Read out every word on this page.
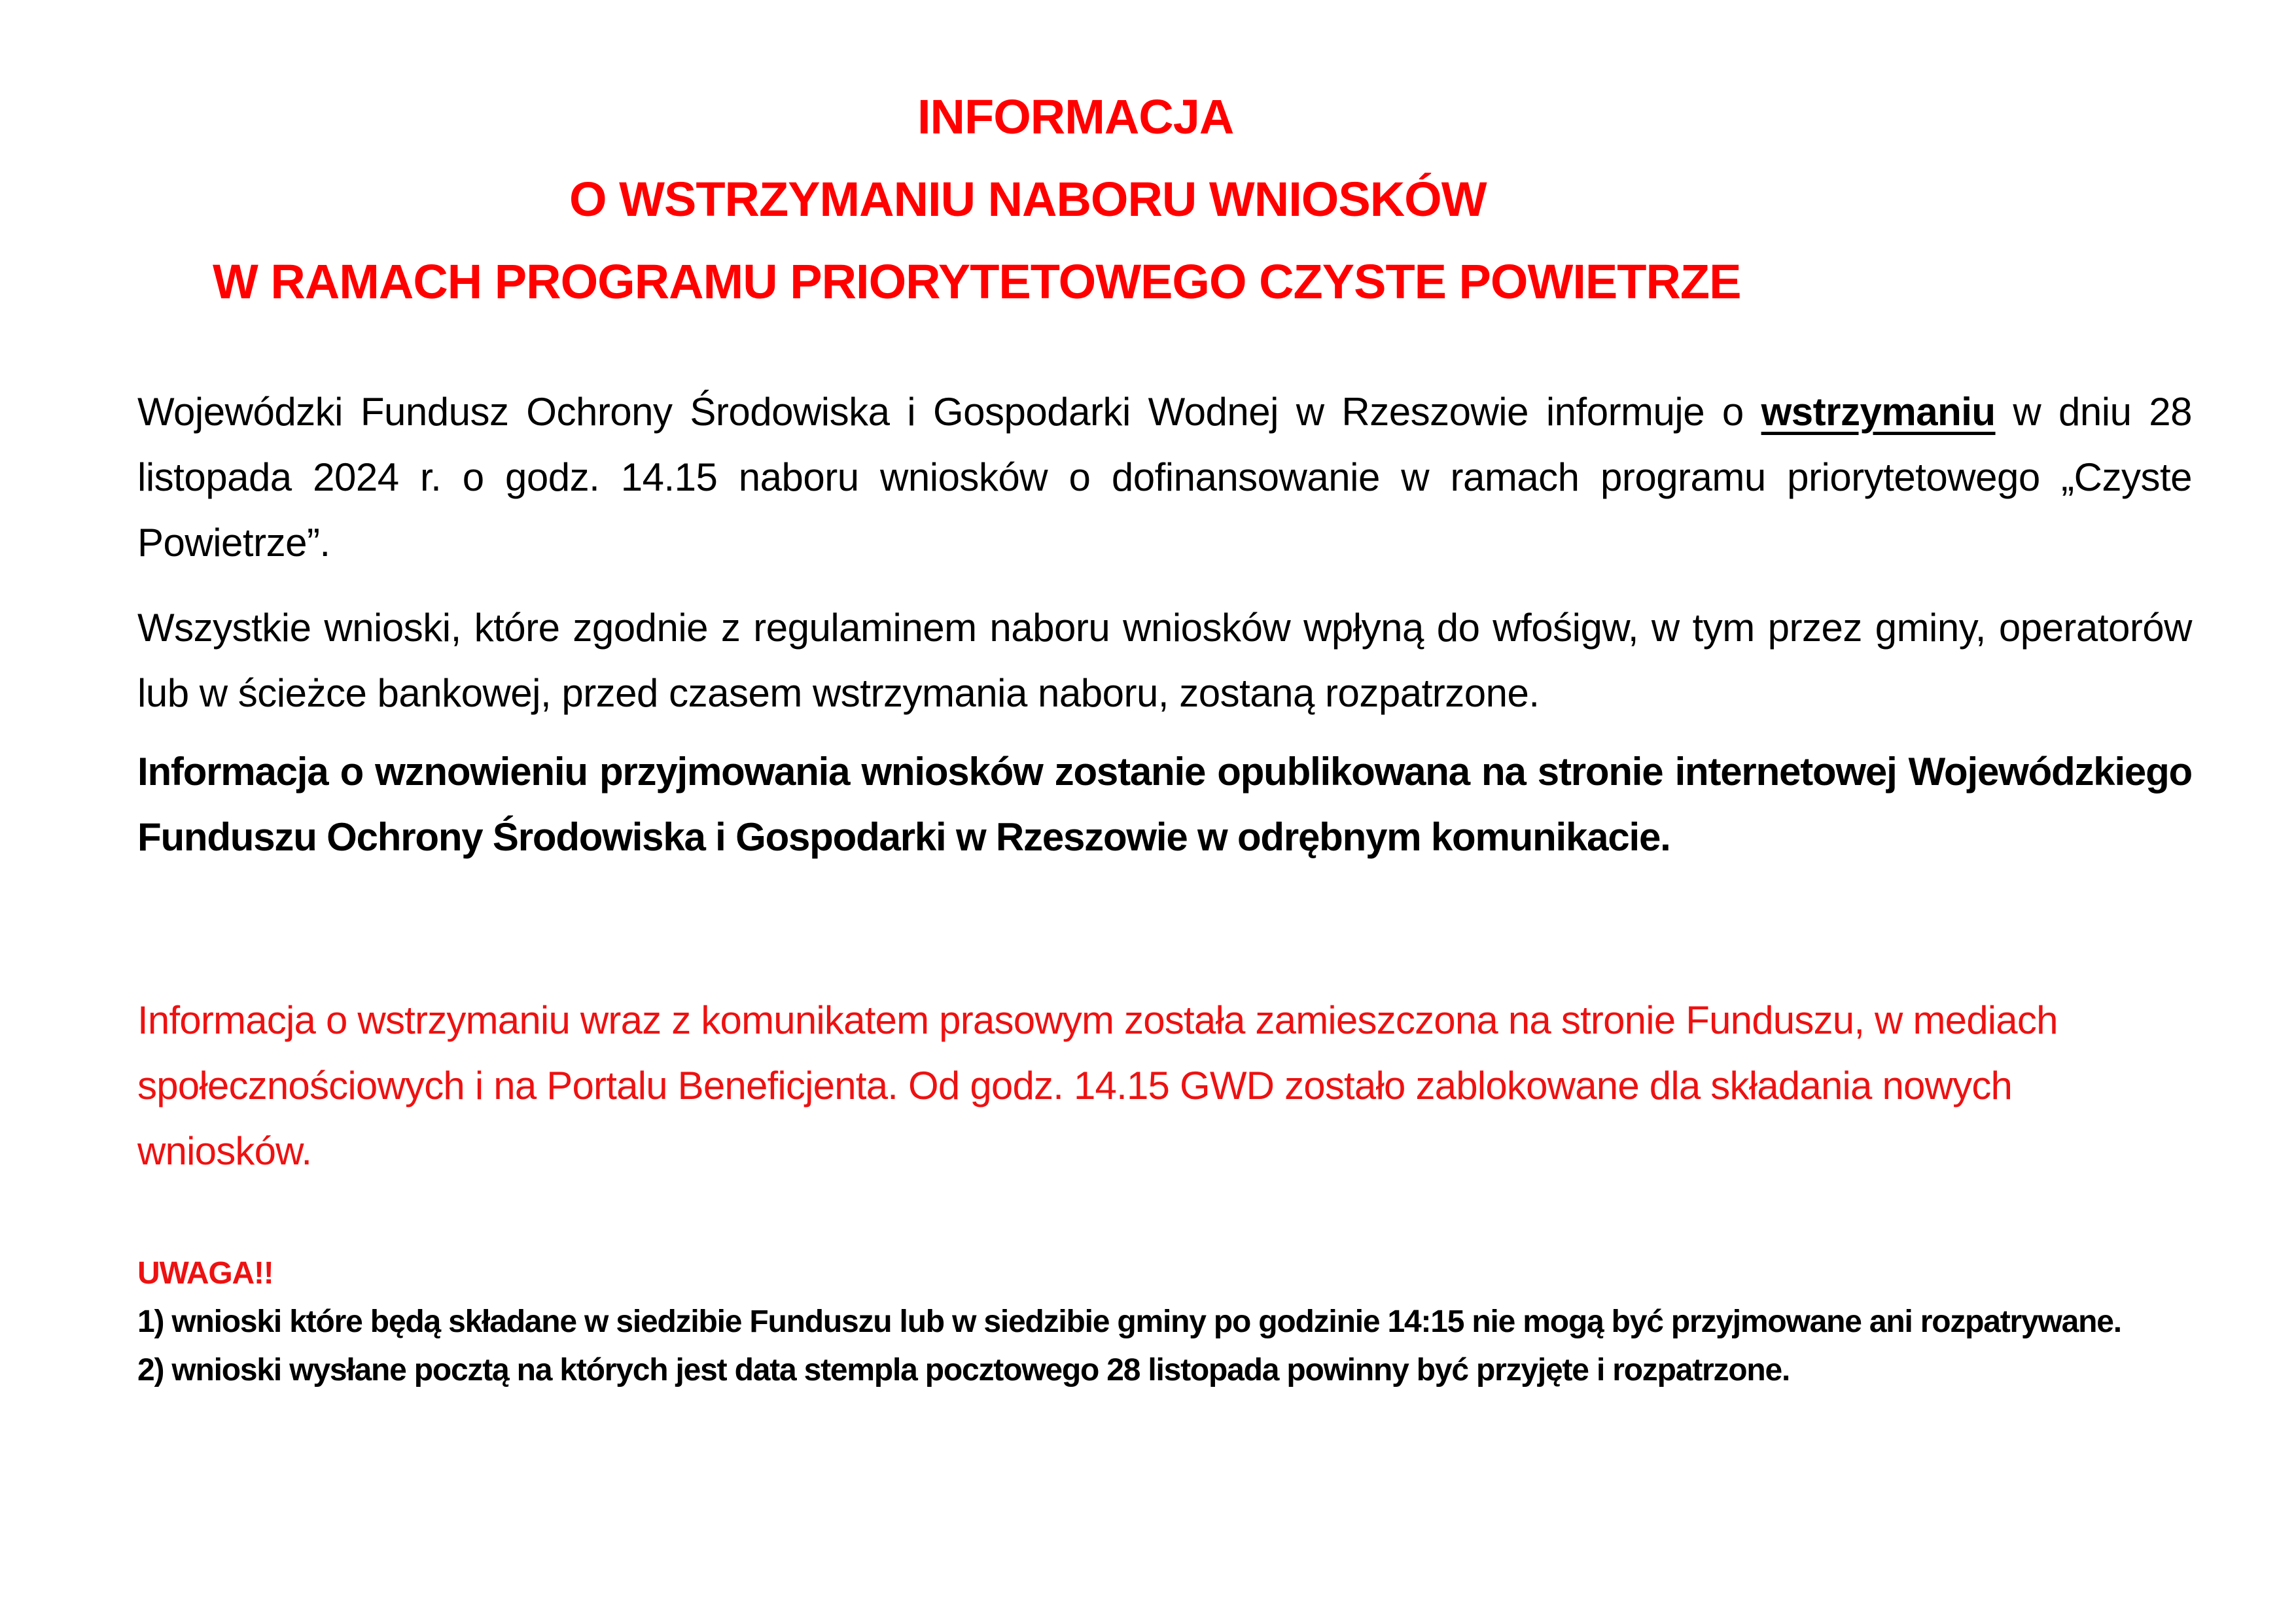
INFORMACJA
O WSTRZYMANIU NABORU WNIOSKÓW
W RAMACH PROGRAMU PRIORYTETOWEGO CZYSTE POWIETRZE

Wojewódzki Fundusz Ochrony Środowiska i Gospodarki Wodnej w Rzeszowie informuje o wstrzymaniu w dniu 28 listopada 2024 r. o godz. 14.15 naboru wniosków o dofinansowanie w ramach programu priorytetowego „Czyste Powietrze”.

Wszystkie wnioski, które zgodnie z regulaminem naboru wniosków wpłyną do wfośigw, w tym przez gminy, operatorów lub w ścieżce bankowej, przed czasem wstrzymania naboru, zostaną rozpatrzone.

Informacja o wznowieniu przyjmowania wniosków zostanie opublikowana na stronie internetowej Wojewódzkiego Funduszu Ochrony Środowiska i Gospodarki w Rzeszowie w odrębnym komunikacie.

Informacja o wstrzymaniu wraz z komunikatem prasowym została zamieszczona na stronie Funduszu, w mediach społecznościowych i na Portalu Beneficjenta. Od godz. 14.15 GWD zostało zablokowane dla składania nowych wniosków.

UWAGA!!
1) wnioski które będą składane w siedzibie Funduszu lub w siedzibie gminy po godzinie 14:15 nie mogą być przyjmowane ani rozpatrywane.
2) wnioski wysłane pocztą na których jest data stempla pocztowego 28 listopada powinny być przyjęte i rozpatrzone.
